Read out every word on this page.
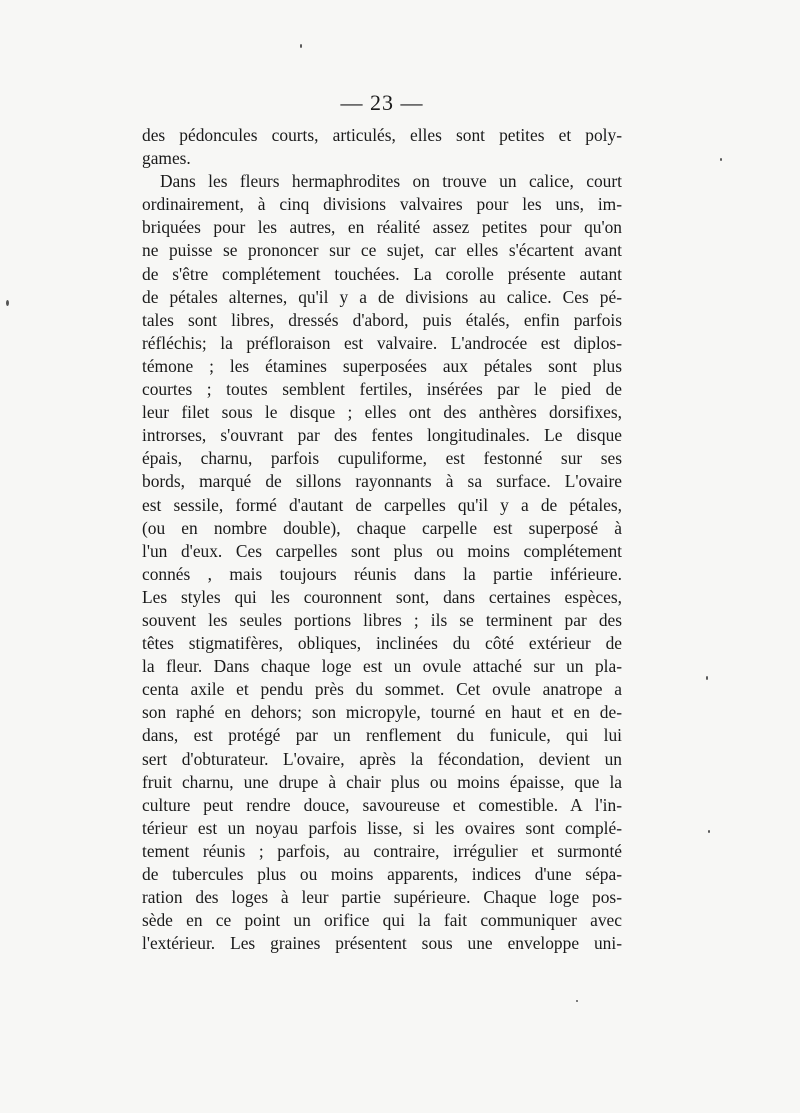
— 23 —
des pédoncules courts, articulés, elles sont petites et poly-
games.
Dans les fleurs hermaphrodites on trouve un calice, court
ordinairement, à cinq divisions valvaires pour les uns, im-
briquées pour les autres, en réalité assez petites pour qu'on
ne puisse se prononcer sur ce sujet, car elles s'écartent avant
de s'être complétement touchées. La corolle présente autant
de pétales alternes, qu'il y a de divisions au calice. Ces pé-
tales sont libres, dressés d'abord, puis étalés, enfin parfois
réfléchis; la préfloraison est valvaire. L'androcée est diplos-
témone ; les étamines superposées aux pétales sont plus
courtes ; toutes semblent fertiles, insérées par le pied de
leur filet sous le disque ; elles ont des anthères dorsifixes,
introrses, s'ouvrant par des fentes longitudinales. Le disque
épais, charnu, parfois cupuliforme, est festonné sur ses
bords, marqué de sillons rayonnants à sa surface. L'ovaire
est sessile, formé d'autant de carpelles qu'il y a de pétales,
(ou en nombre double), chaque carpelle est superposé à
l'un d'eux. Ces carpelles sont plus ou moins complétement
connés , mais toujours réunis dans la partie inférieure.
Les styles qui les couronnent sont, dans certaines espèces,
souvent les seules portions libres ; ils se terminent par des
têtes stigmatifères, obliques, inclinées du côté extérieur de
la fleur. Dans chaque loge est un ovule attaché sur un pla-
centa axile et pendu près du sommet. Cet ovule anatrope a
son raphé en dehors; son micropyle, tourné en haut et en de-
dans, est protégé par un renflement du funicule, qui lui
sert d'obturateur. L'ovaire, après la fécondation, devient un
fruit charnu, une drupe à chair plus ou moins épaisse, que la
culture peut rendre douce, savoureuse et comestible. A l'in-
térieur est un noyau parfois lisse, si les ovaires sont complé-
tement réunis ; parfois, au contraire, irrégulier et surmonté
de tubercules plus ou moins apparents, indices d'une sépa-
ration des loges à leur partie supérieure. Chaque loge pos-
sède en ce point un orifice qui la fait communiquer avec
l'extérieur. Les graines présentent sous une enveloppe uni-
